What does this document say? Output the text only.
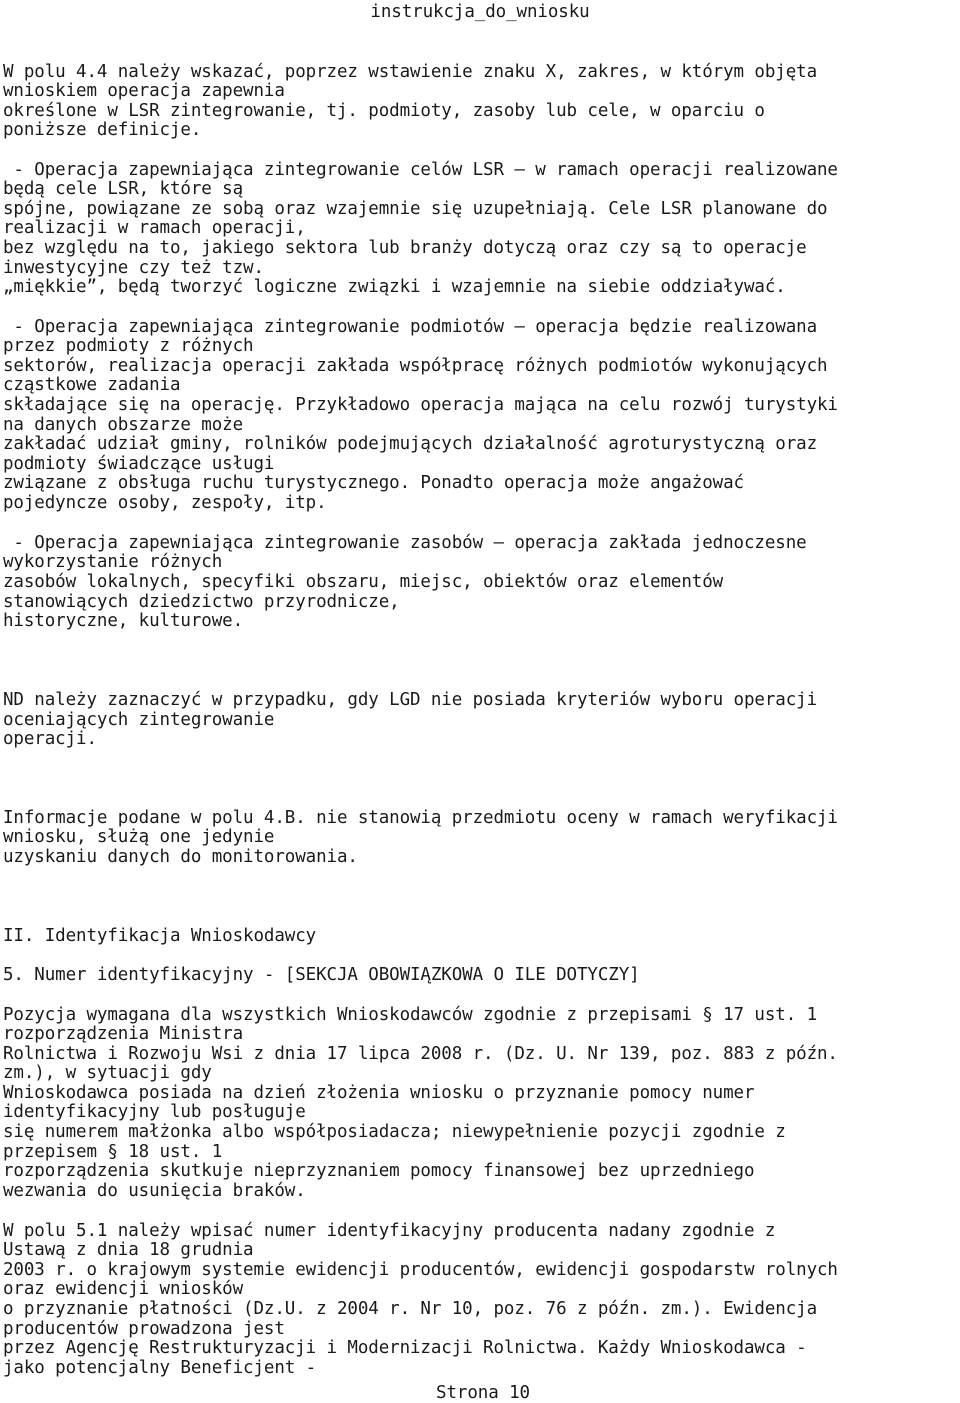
instrukcja_do_wniosku
W polu 4.4 należy wskazać, poprzez wstawienie znaku X, zakres, w którym objęta
wnioskiem operacja zapewnia
określone w LSR zintegrowanie, tj. podmioty, zasoby lub cele, w oparciu o
poniższe definicje.
- Operacja zapewniająca zintegrowanie celów LSR – w ramach operacji realizowane
będą cele LSR, które są
spójne, powiązane ze sobą oraz wzajemnie się uzupełniają. Cele LSR planowane do
realizacji w ramach operacji,
bez względu na to, jakiego sektora lub branży dotyczą oraz czy są to operacje
inwestycyjne czy też tzw.
„miękkie”, będą tworzyć logiczne związki i wzajemnie na siebie oddziaływać.
- Operacja zapewniająca zintegrowanie podmiotów – operacja będzie realizowana
przez podmioty z różnych
sektorów, realizacja operacji zakłada współpracę różnych podmiotów wykonujących
cząstkowe zadania
składające się na operację. Przykładowo operacja mająca na celu rozwój turystyki
na danych obszarze może
zakładać udział gminy, rolników podejmujących działalność agroturystyczną oraz
podmioty świadczące usługi
związane z obsługa ruchu turystycznego. Ponadto operacja może angażować
pojedyncze osoby, zespoły, itp.
- Operacja zapewniająca zintegrowanie zasobów – operacja zakłada jednoczesne
wykorzystanie różnych
zasobów lokalnych, specyfiki obszaru, miejsc, obiektów oraz elementów
stanowiących dziedzictwo przyrodnicze,
historyczne, kulturowe.
ND należy zaznaczyć w przypadku, gdy LGD nie posiada kryteriów wyboru operacji
oceniających zintegrowanie
operacji.
Informacje podane w polu 4.B. nie stanowią przedmiotu oceny w ramach weryfikacji
wniosku, służą one jedynie
uzyskaniu danych do monitorowania.
II. Identyfikacja Wnioskodawcy
5. Numer identyfikacyjny - [SEKCJA OBOWIĄZKOWA O ILE DOTYCZY]
Pozycja wymagana dla wszystkich Wnioskodawców zgodnie z przepisami § 17 ust. 1
rozporządzenia Ministra
Rolnictwa i Rozwoju Wsi z dnia 17 lipca 2008 r. (Dz. U. Nr 139, poz. 883 z późn.
zm.), w sytuacji gdy
Wnioskodawca posiada na dzień złożenia wniosku o przyznanie pomocy numer
identyfikacyjny lub posługuje
się numerem małżonka albo współposiadacza; niewypełnienie pozycji zgodnie z
przepisem § 18 ust. 1
rozporządzenia skutkuje nieprzyznaniem pomocy finansowej bez uprzedniego
wezwania do usunięcia braków.
W polu 5.1 należy wpisać numer identyfikacyjny producenta nadany zgodnie z
Ustawą z dnia 18 grudnia
2003 r. o krajowym systemie ewidencji producentów, ewidencji gospodarstw rolnych
oraz ewidencji wniosków
o przyznanie płatności (Dz.U. z 2004 r. Nr 10, poz. 76 z późn. zm.). Ewidencja
producentów prowadzona jest
przez Agencję Restrukturyzacji i Modernizacji Rolnictwa. Każdy Wnioskodawca -
jako potencjalny Beneficjent -
Strona 10
